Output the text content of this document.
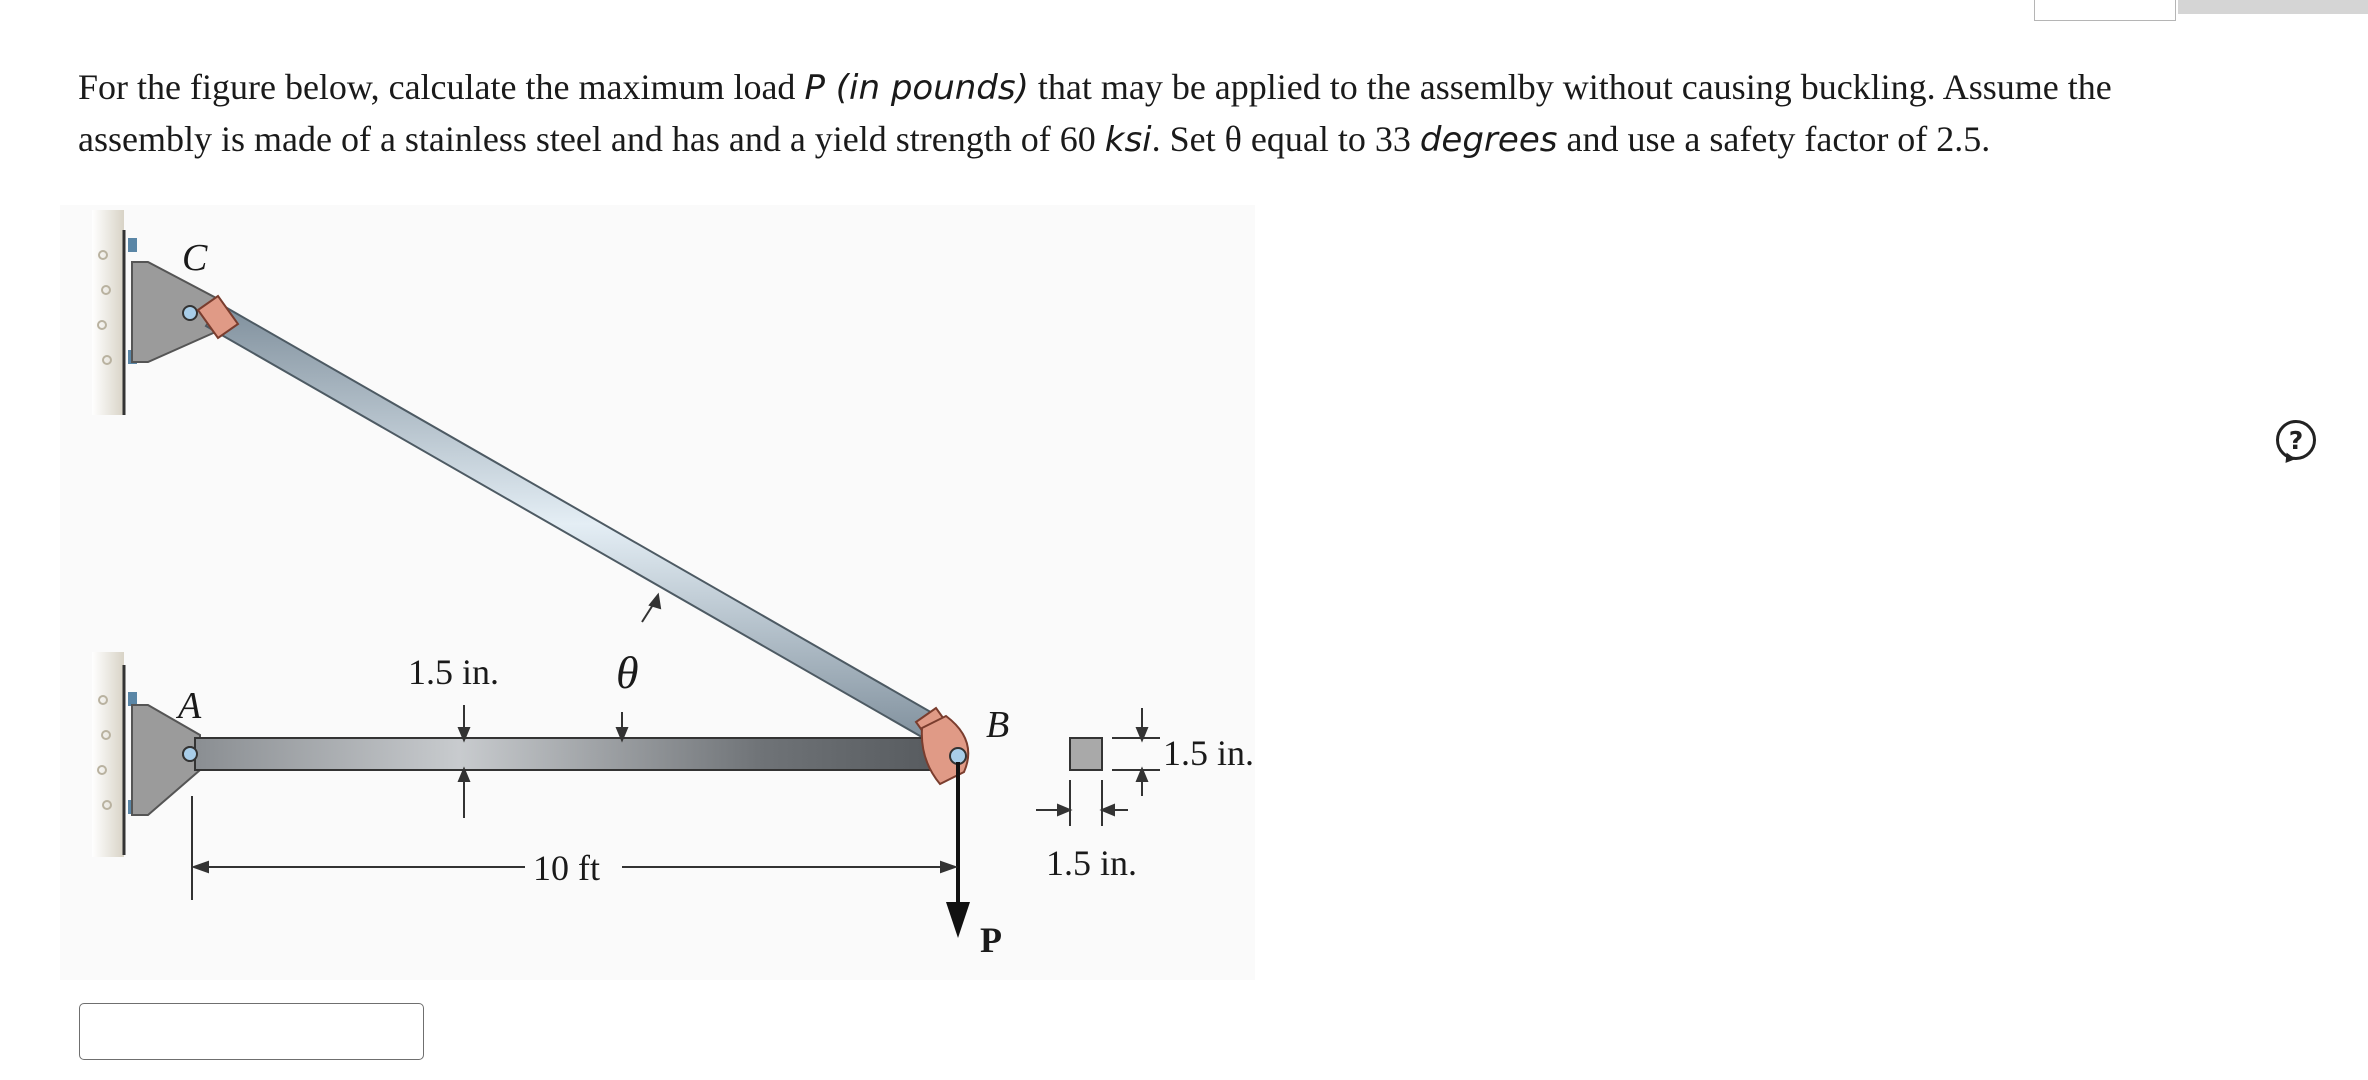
For the figure below, calculate the maximum load P (in pounds) that may be applied to the assemlby without causing buckling. Assume the assembly is made of a stainless steel and has and a yield strength of 60 ksi. Set θ equal to 33 degrees and use a safety factor of 2.5.

?
C
A	B
P
θ
1.5 in.
10 ft
1.5 in.
1.5 in.
